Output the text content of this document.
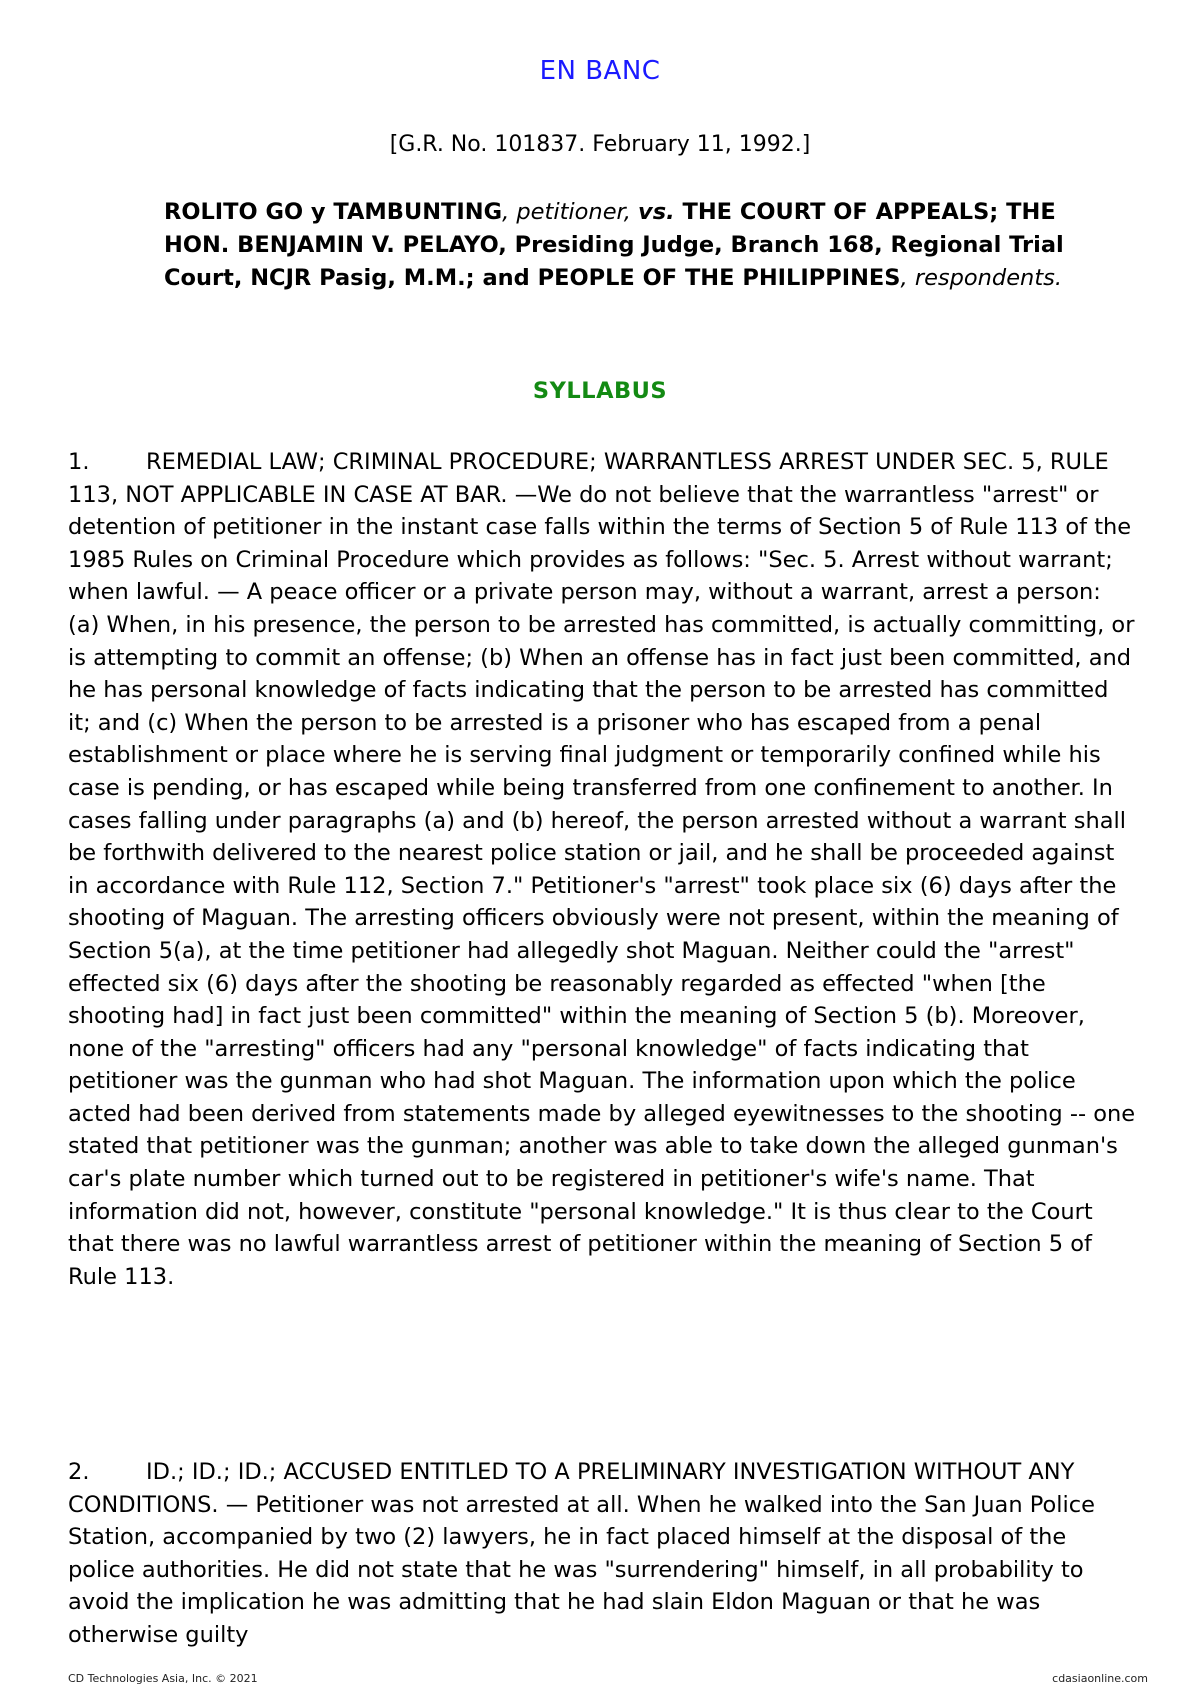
EN BANC
[G.R. No. 101837. February 11, 1992.]
ROLITO GO y TAMBUNTING, petitioner, vs. THE COURT OF APPEALS; THE HON. BENJAMIN V. PELAYO, Presiding Judge, Branch 168, Regional Trial Court, NCJR Pasig, M.M.; and PEOPLE OF THE PHILIPPINES, respondents.
SYLLABUS
1.	REMEDIAL LAW; CRIMINAL PROCEDURE; WARRANTLESS ARREST UNDER SEC. 5, RULE 113, NOT APPLICABLE IN CASE AT BAR. —We do not believe that the warrantless "arrest" or detention of petitioner in the instant case falls within the terms of Section 5 of Rule 113 of the 1985 Rules on Criminal Procedure which provides as follows: "Sec. 5. Arrest without warrant; when lawful. — A peace officer or a private person may, without a warrant, arrest a person: (a) When, in his presence, the person to be arrested has committed, is actually committing, or is attempting to commit an offense; (b) When an offense has in fact just been committed, and he has personal knowledge of facts indicating that the person to be arrested has committed it; and (c) When the person to be arrested is a prisoner who has escaped from a penal establishment or place where he is serving final judgment or temporarily confined while his case is pending, or has escaped while being transferred from one confinement to another. In cases falling under paragraphs (a) and (b) hereof, the person arrested without a warrant shall be forthwith delivered to the nearest police station or jail, and he shall be proceeded against in accordance with Rule 112, Section 7." Petitioner's "arrest" took place six (6) days after the shooting of Maguan. The arresting officers obviously were not present, within the meaning of Section 5(a), at the time petitioner had allegedly shot Maguan. Neither could the "arrest" effected six (6) days after the shooting be reasonably regarded as effected "when [the shooting had] in fact just been committed" within the meaning of Section 5 (b). Moreover, none of the "arresting" officers had any "personal knowledge" of facts indicating that petitioner was the gunman who had shot Maguan. The information upon which the police acted had been derived from statements made by alleged eyewitnesses to the shooting -- one stated that petitioner was the gunman; another was able to take down the alleged gunman's car's plate number which turned out to be registered in petitioner's wife's name. That information did not, however, constitute "personal knowledge." It is thus clear to the Court that there was no lawful warrantless arrest of petitioner within the meaning of Section 5 of Rule 113.
2.	ID.; ID.; ID.; ACCUSED ENTITLED TO A PRELIMINARY INVESTIGATION WITHOUT ANY CONDITIONS. — Petitioner was not arrested at all. When he walked into the San Juan Police Station, accompanied by two (2) lawyers, he in fact placed himself at the disposal of the police authorities. He did not state that he was "surrendering" himself, in all probability to avoid the implication he was admitting that he had slain Eldon Maguan or that he was otherwise guilty
CD Technologies Asia, Inc. © 2021	cdasiaonline.com
